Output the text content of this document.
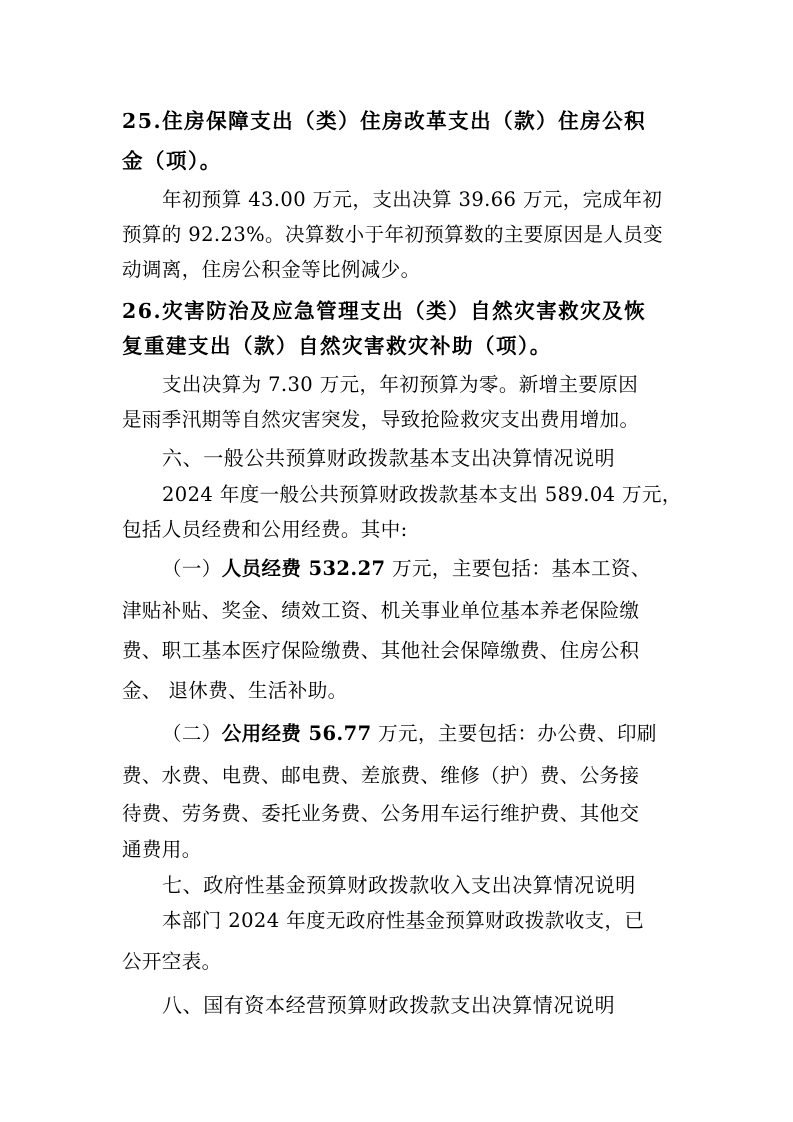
25.住房保障支出（类）住房改革支出（款）住房公积

金（项）。

年初预算 43.00 万元，支出决算 39.66 万元，完成年初

预算的 92.23%。决算数小于年初预算数的主要原因是人员变

动调离，住房公积金等比例减少。

26.灾害防治及应急管理支出（类）自然灾害救灾及恢

复重建支出（款）自然灾害救灾补助（项）。

支出决算为 7.30 万元，年初预算为零。新增主要原因

是雨季汛期等自然灾害突发，导致抢险救灾支出费用增加。

六、一般公共预算财政拨款基本支出决算情况说明

2024 年度一般公共预算财政拨款基本支出 589.04 万元，

包括人员经费和公用经费。其中:

（一）人员经费 532.27 万元，主要包括：基本工资、

津贴补贴、奖金、绩效工资、机关事业单位基本养老保险缴

费、职工基本医疗保险缴费、其他社会保障缴费、住房公积

金、 退休费、生活补助。

（二）公用经费 56.77 万元，主要包括：办公费、印刷

费、水费、电费、邮电费、差旅费、维修（护）费、公务接

待费、劳务费、委托业务费、公务用车运行维护费、其他交

通费用。

七、政府性基金预算财政拨款收入支出决算情况说明

本部门 2024 年度无政府性基金预算财政拨款收支，已

公开空表。

八、国有资本经营预算财政拨款支出决算情况说明
